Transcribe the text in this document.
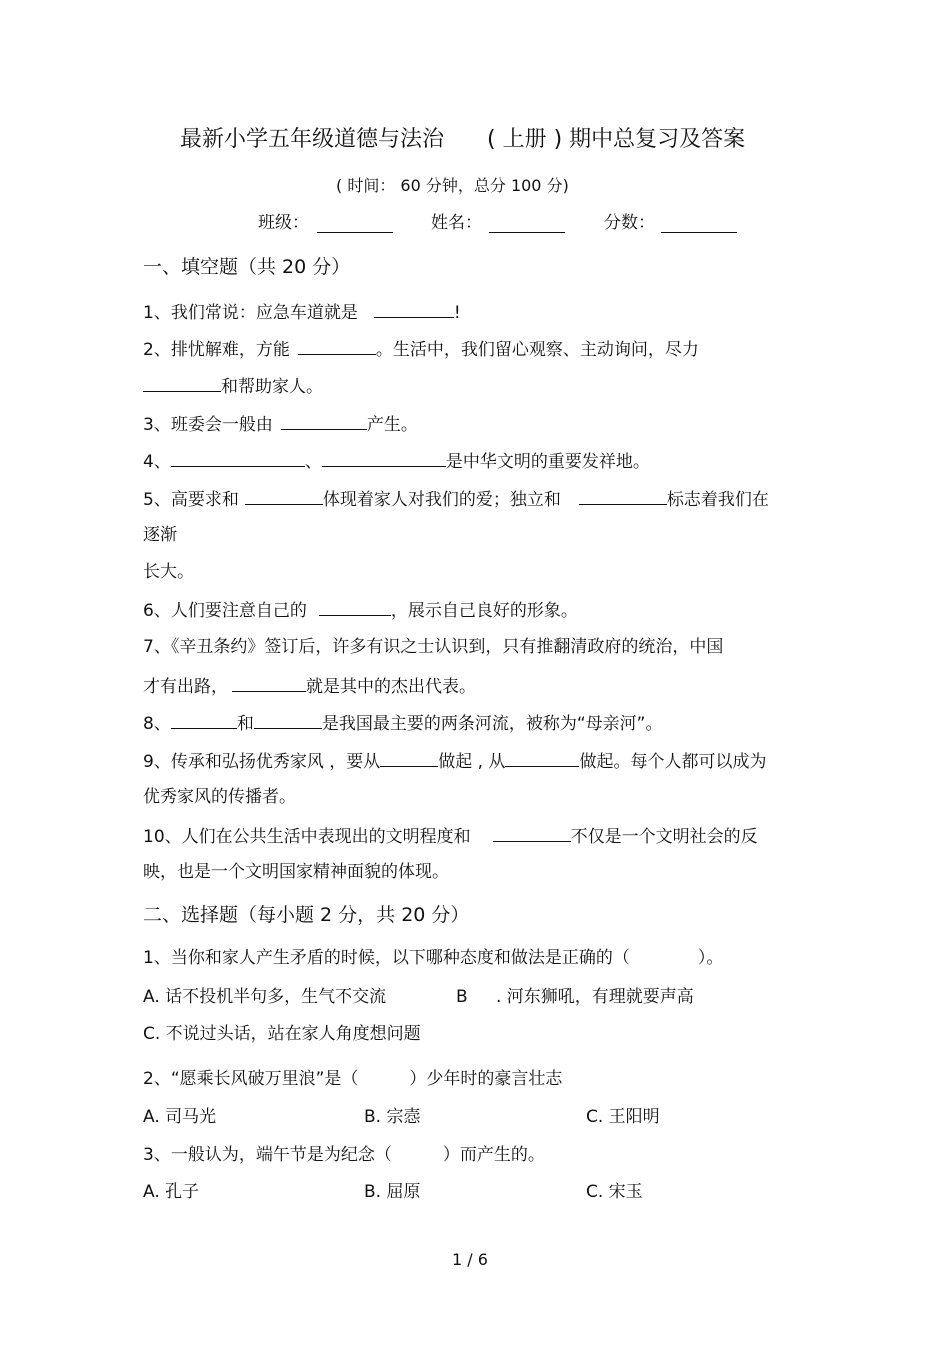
最新小学五年级道德与法治 ( 上册 ) 期中总复习及答案
( 时间： 60 分钟，总分 100 分)
班级：	姓名：	分数：
一、填空题（共 20 分）
1、我们常说：应急车道就是	!
2、排忧解难，方能	。生活中，我们留心观察、主动询问，尽力
和帮助家人。
3、班委会一般由	产生。
4、	、	是中华文明的重要发祥地。
5、高要求和	体现着家人对我们的爱；独立和	标志着我们在
逐渐
长大。
6、人们要注意自己的	，展示自己良好的形象。
7、《辛丑条约》签订后，许多有识之士认识到，只有推翻清政府的统治，中国
才有出路，	就是其中的杰出代表。
8、	和	是我国最主要的两条河流，被称为“母亲河”。
9、传承和弘扬优秀家风 ，要从	做起 , 从	做起。每个人都可以成为
优秀家风的传播者。
10、人们在公共生活中表现出的文明程度和	不仅是一个文明社会的反
映，也是一个文明国家精神面貌的体现。
二、选择题（每小题 2 分，共 20 分）
1、当你和家人产生矛盾的时候，以下哪种态度和做法是正确的（　　　　）。
A. 话不投机半句多，生气不交流	B . 河东狮吼，有理就要声高
C. 不说过头话，站在家人角度想问题
2、“愿乘长风破万里浪”是（　　　）少年时的豪言壮志
A. 司马光	B. 宗悫	C. 王阳明
3、一般认为，端午节是为纪念（　　　）而产生的。
A. 孔子	B. 屈原	C. 宋玉
1 / 6
